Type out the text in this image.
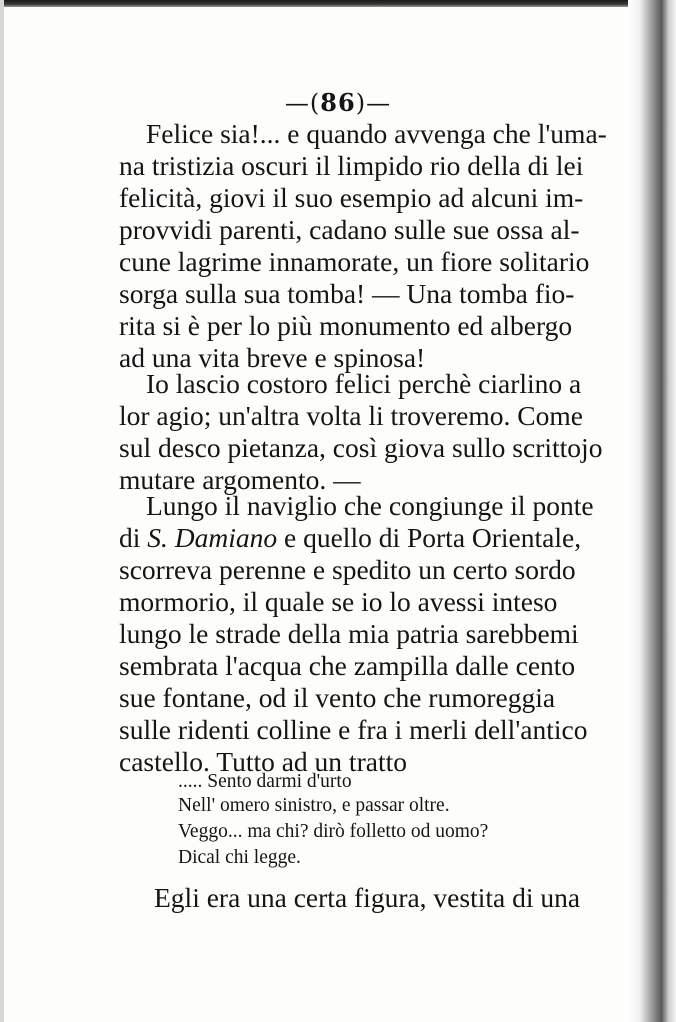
—(86)—
Felice sia!... e quando avvenga che l'uma-
na tristizia oscuri il limpido rio della di lei
felicità, giovi il suo esempio ad alcuni im-
provvidi parenti, cadano sulle sue ossa al-
cune lagrime innamorate, un fiore solitario
sorga sulla sua tomba! — Una tomba fio-
rita si è per lo più monumento ed albergo
ad una vita breve e spinosa!
Io lascio costoro felici perchè ciarlino a
lor agio; un'altra volta li troveremo. Come
sul desco pietanza, così giova sullo scrittojo
mutare argomento. —
Lungo il naviglio che congiunge il ponte
di S. Damiano e quello di Porta Orientale,
scorreva perenne e spedito un certo sordo
mormorio, il quale se io lo avessi inteso
lungo le strade della mia patria sarebbemi
sembrata l'acqua che zampilla dalle cento
sue fontane, od il vento che rumoreggia
sulle ridenti colline e fra i merli dell'antico
castello. Tutto ad un tratto
..... Sento darmi d'urto
Nell' omero sinistro, e passar oltre.
Veggo... ma chi? dirò folletto od uomo?
Dical chi legge.
Egli era una certa figura, vestita di una
